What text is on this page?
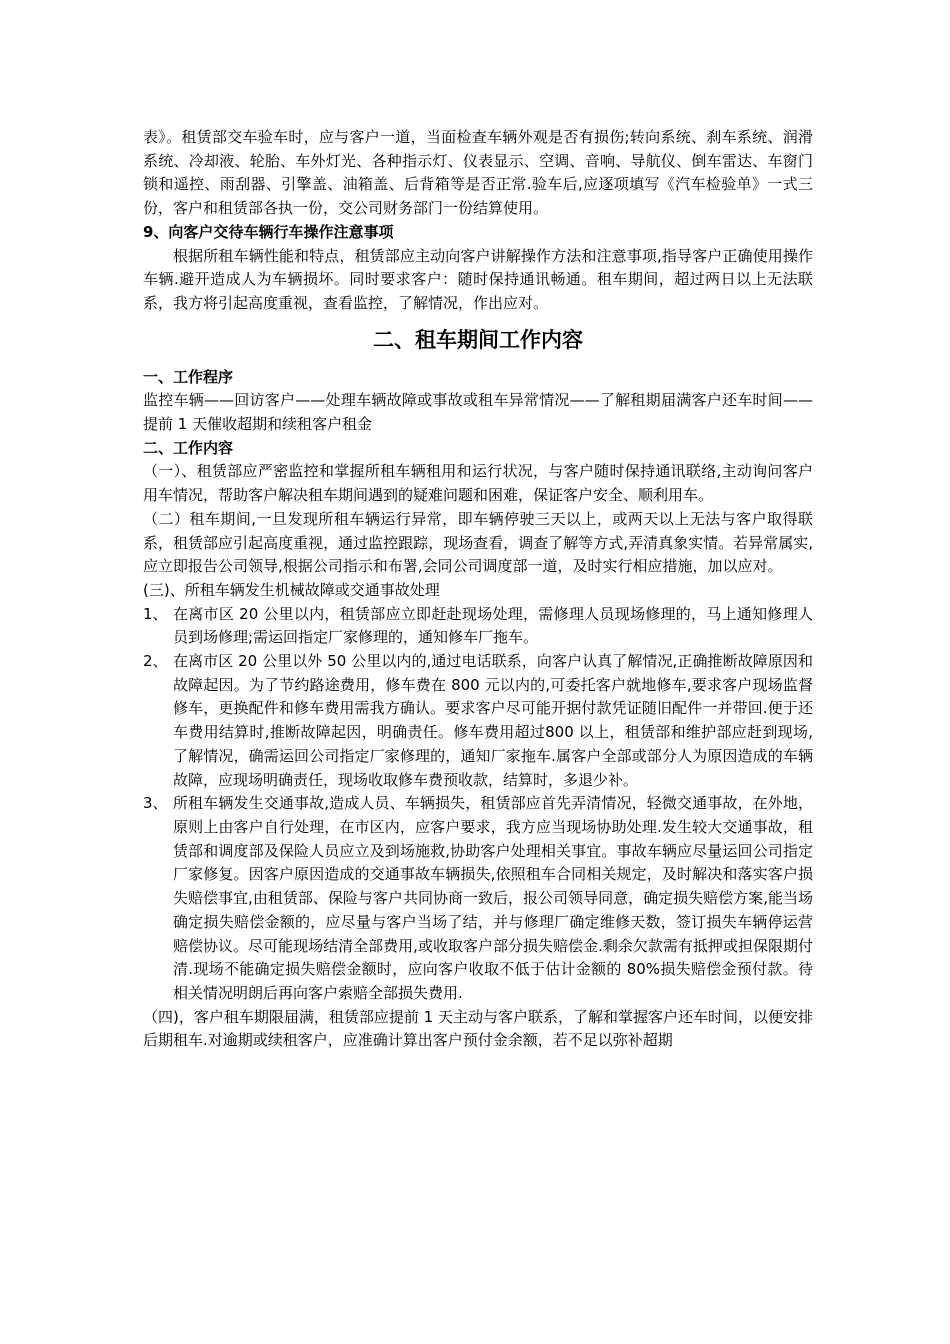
表》。租赁部交车验车时，应与客户一道，当面检查车辆外观是否有损伤;转向系统、刹车系统、润滑系统、冷却液、轮胎、车外灯光、各种指示灯、仪表显示、空调、音响、导航仪、倒车雷达、车窗门锁和遥控、雨刮器、引擎盖、油箱盖、后背箱等是否正常.验车后,应逐项填写《汽车检验单》一式三份，客户和租赁部各执一份，交公司财务部门一份结算使用。

9、向客户交待车辆行车操作注意事项

根据所租车辆性能和特点，租赁部应主动向客户讲解操作方法和注意事项,指导客户正确使用操作车辆.避开造成人为车辆损坏。同时要求客户：随时保持通讯畅通。租车期间，超过两日以上无法联系，我方将引起高度重视，查看监控，了解情况，作出应对。

二、租车期间工作内容

一、工作程序

监控车辆——回访客户——处理车辆故障或事故或租车异常情况——了解租期届满客户还车时间——提前 1 天催收超期和续租客户租金

二、工作内容

（一）、租赁部应严密监控和掌握所租车辆租用和运行状况，与客户随时保持通讯联络,主动询问客户用车情况，帮助客户解决租车期间遇到的疑难问题和困难，保证客户安全、顺利用车。

（二）租车期间,一旦发现所租车辆运行异常，即车辆停驶三天以上，或两天以上无法与客户取得联系，租赁部应引起高度重视，通过监控跟踪，现场查看，调查了解等方式,弄清真象实情。若异常属实,应立即报告公司领导,根据公司指示和布署,会同公司调度部一道，及时实行相应措施，加以应对。

(三)、所租车辆发生机械故障或交通事故处理

1、 在离市区 20 公里以内，租赁部应立即赶赴现场处理，需修理人员现场修理的，马上通知修理人员到场修理;需运回指定厂家修理的，通知修车厂拖车。
2、 在离市区 20 公里以外 50 公里以内的,通过电话联系，向客户认真了解情况,正确推断故障原因和故障起因。为了节约路途费用，修车费在 800 元以内的,可委托客户就地修车,要求客户现场监督修车，更换配件和修车费用需我方确认。要求客户尽可能开据付款凭证随旧配件一并带回.便于还车费用结算时,推断故障起因，明确责任。修车费用超过800 以上，租赁部和维护部应赶到现场,了解情况，确需运回公司指定厂家修理的，通知厂家拖车.属客户全部或部分人为原因造成的车辆故障，应现场明确责任，现场收取修车费预收款，结算时，多退少补。
3、 所租车辆发生交通事故,造成人员、车辆损失，租赁部应首先弄清情况，轻微交通事故，在外地，原则上由客户自行处理，在市区内，应客户要求，我方应当现场协助处理.发生较大交通事故，租赁部和调度部及保险人员应立及到场施救,协助客户处理相关事宜。事故车辆应尽量运回公司指定厂家修复。因客户原因造成的交通事故车辆损失,依照租车合同相关规定，及时解决和落实客户损失赔偿事宜,由租赁部、保险与客户共同协商一致后，报公司领导同意，确定损失赔偿方案,能当场确定损失赔偿金额的，应尽量与客户当场了结，并与修理厂确定维修天数，签订损失车辆停运营赔偿协议。尽可能现场结清全部费用,或收取客户部分损失赔偿金.剩余欠款需有抵押或担保限期付清.现场不能确定损失赔偿金额时，应向客户收取不低于估计金额的 80%损失赔偿金预付款。待相关情况明朗后再向客户索赔全部损失费用.

（四)，客户租车期限届满，租赁部应提前 1 天主动与客户联系，了解和掌握客户还车时间，以便安排后期租车.对逾期或续租客户，应准确计算出客户预付金余额，若不足以弥补超期
